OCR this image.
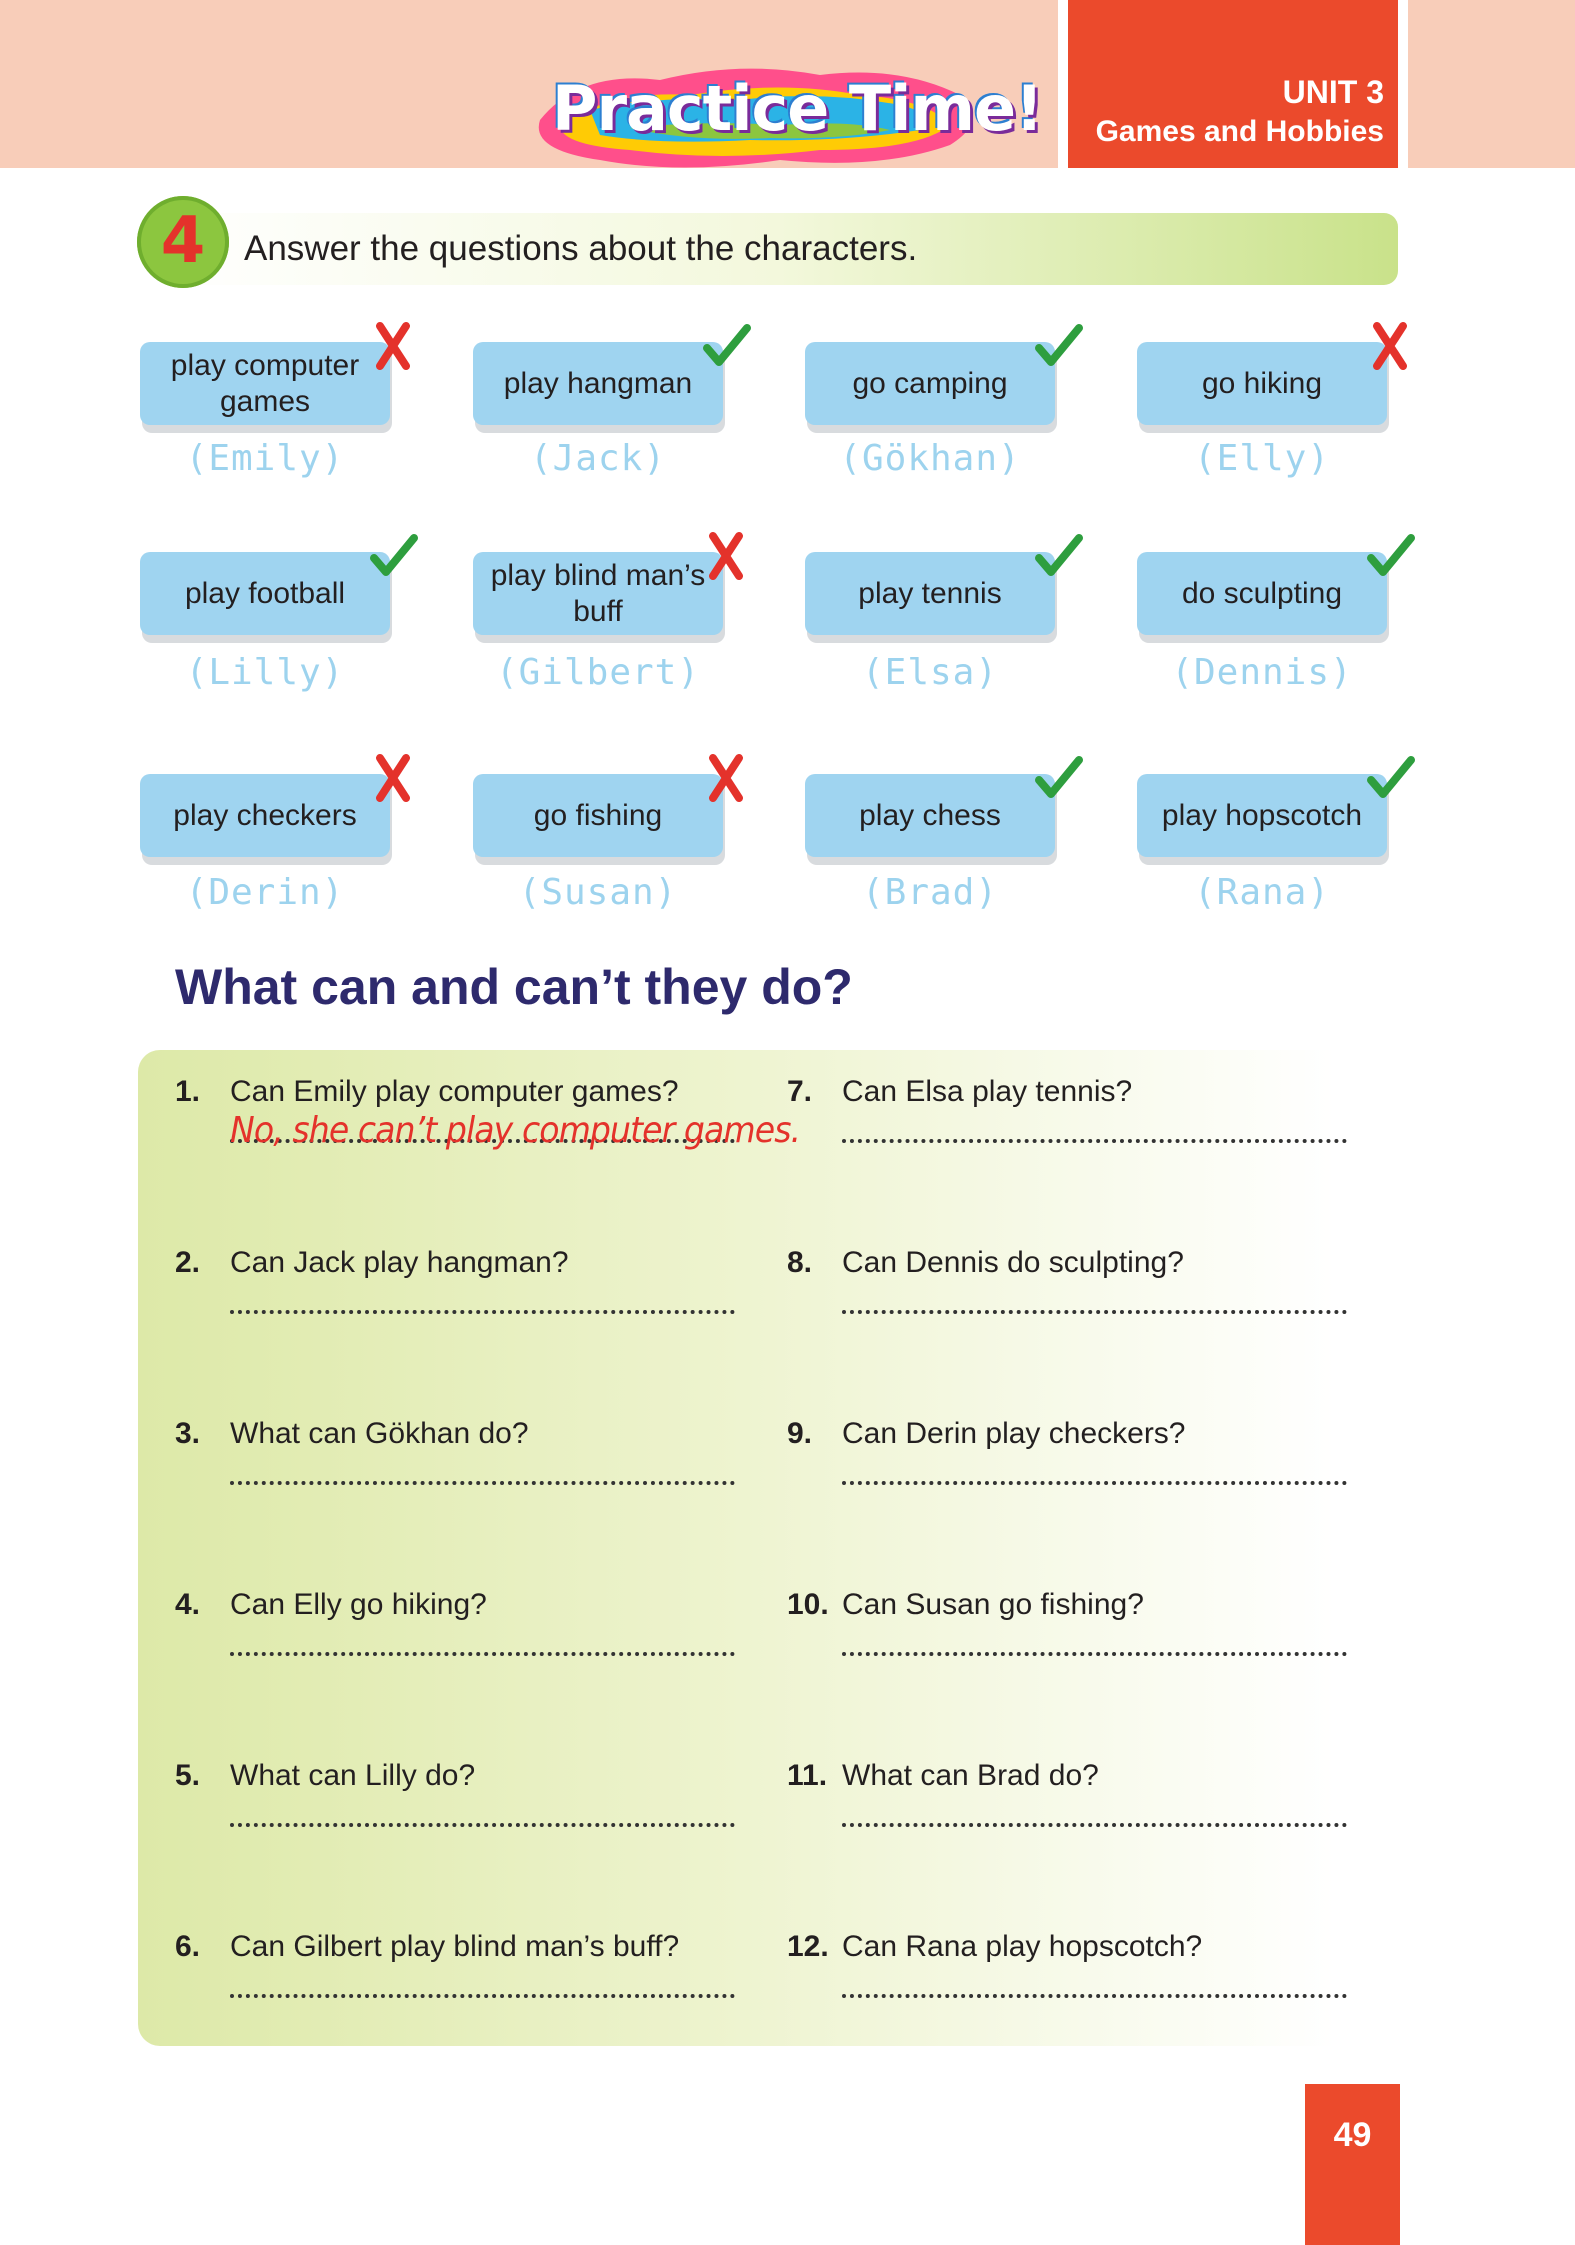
Practice Time!	UNIT 3
Games and Hobbies
4	Answer the questions about the characters.
play computer games
(Emily)
play hangman
(Jack)
go camping
(Gökhan)
go hiking
(Elly)
play football
(Lilly)
play blind man’s buff
(Gilbert)
play tennis
(Elsa)
do sculpting
(Dennis)
play checkers
(Derin)
go fishing
(Susan)
play chess
(Brad)
play hopscotch
(Rana)
What can and can’t they do?
1. Can Emily play computer games?
2. Can Jack play hangman?
3. What can Gökhan do?
4. Can Elly go hiking?
5. What can Lilly do?
6. Can Gilbert play blind man’s buff?
7. Can Elsa play tennis?
8. Can Dennis do sculpting?
9. Can Derin play checkers?
10. Can Susan go fishing?
11. What can Brad do?
12. Can Rana play hopscotch?
No, she can’t play computer games.
49
